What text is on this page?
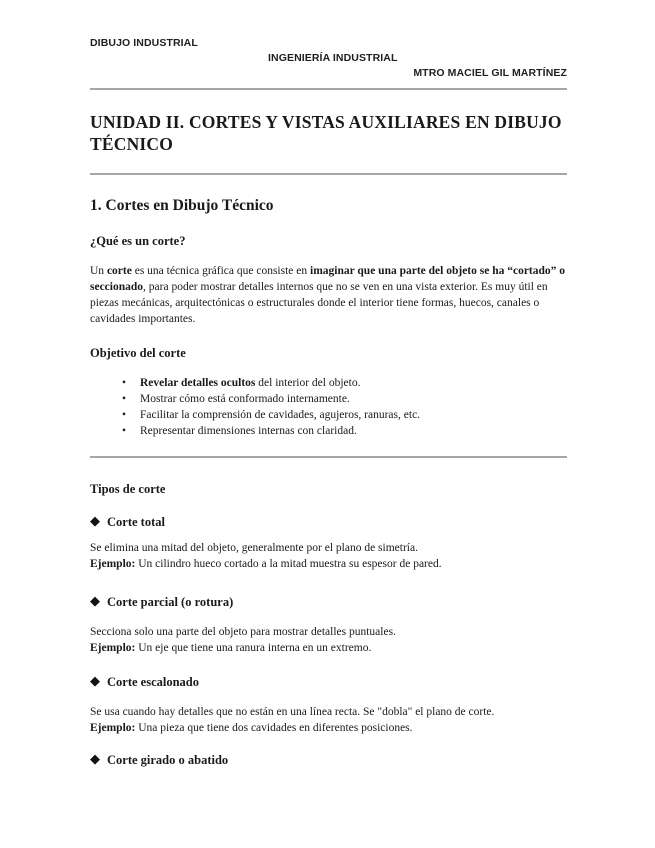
DIBUJO INDUSTRIAL
INGENIERÍA INDUSTRIAL
MTRO MACIEL GIL MARTÍNEZ
UNIDAD II. CORTES Y VISTAS AUXILIARES EN DIBUJO TÉCNICO
1. Cortes en Dibujo Técnico
¿Qué es un corte?

Un corte es una técnica gráfica que consiste en imaginar que una parte del objeto se ha “cortado” o seccionado, para poder mostrar detalles internos que no se ven en una vista exterior. Es muy útil en piezas mecánicas, arquitectónicas o estructurales donde el interior tiene formas, huecos, canales o cavidades importantes.

Objetivo del corte
• Revelar detalles ocultos del interior del objeto.
• Mostrar cómo está conformado internamente.
• Facilitar la comprensión de cavidades, agujeros, ranuras, etc.
• Representar dimensiones internas con claridad.
Tipos de corte
◆ Corte total

Se elimina una mitad del objeto, generalmente por el plano de simetría.
Ejemplo: Un cilindro hueco cortado a la mitad muestra su espesor de pared.

◆ Corte parcial (o rotura)

Secciona solo una parte del objeto para mostrar detalles puntuales.
Ejemplo: Un eje que tiene una ranura interna en un extremo.

◆ Corte escalonado

Se usa cuando hay detalles que no están en una línea recta. Se "dobla" el plano de corte.
Ejemplo: Una pieza que tiene dos cavidades en diferentes posiciones.

◆ Corte girado o abatido
